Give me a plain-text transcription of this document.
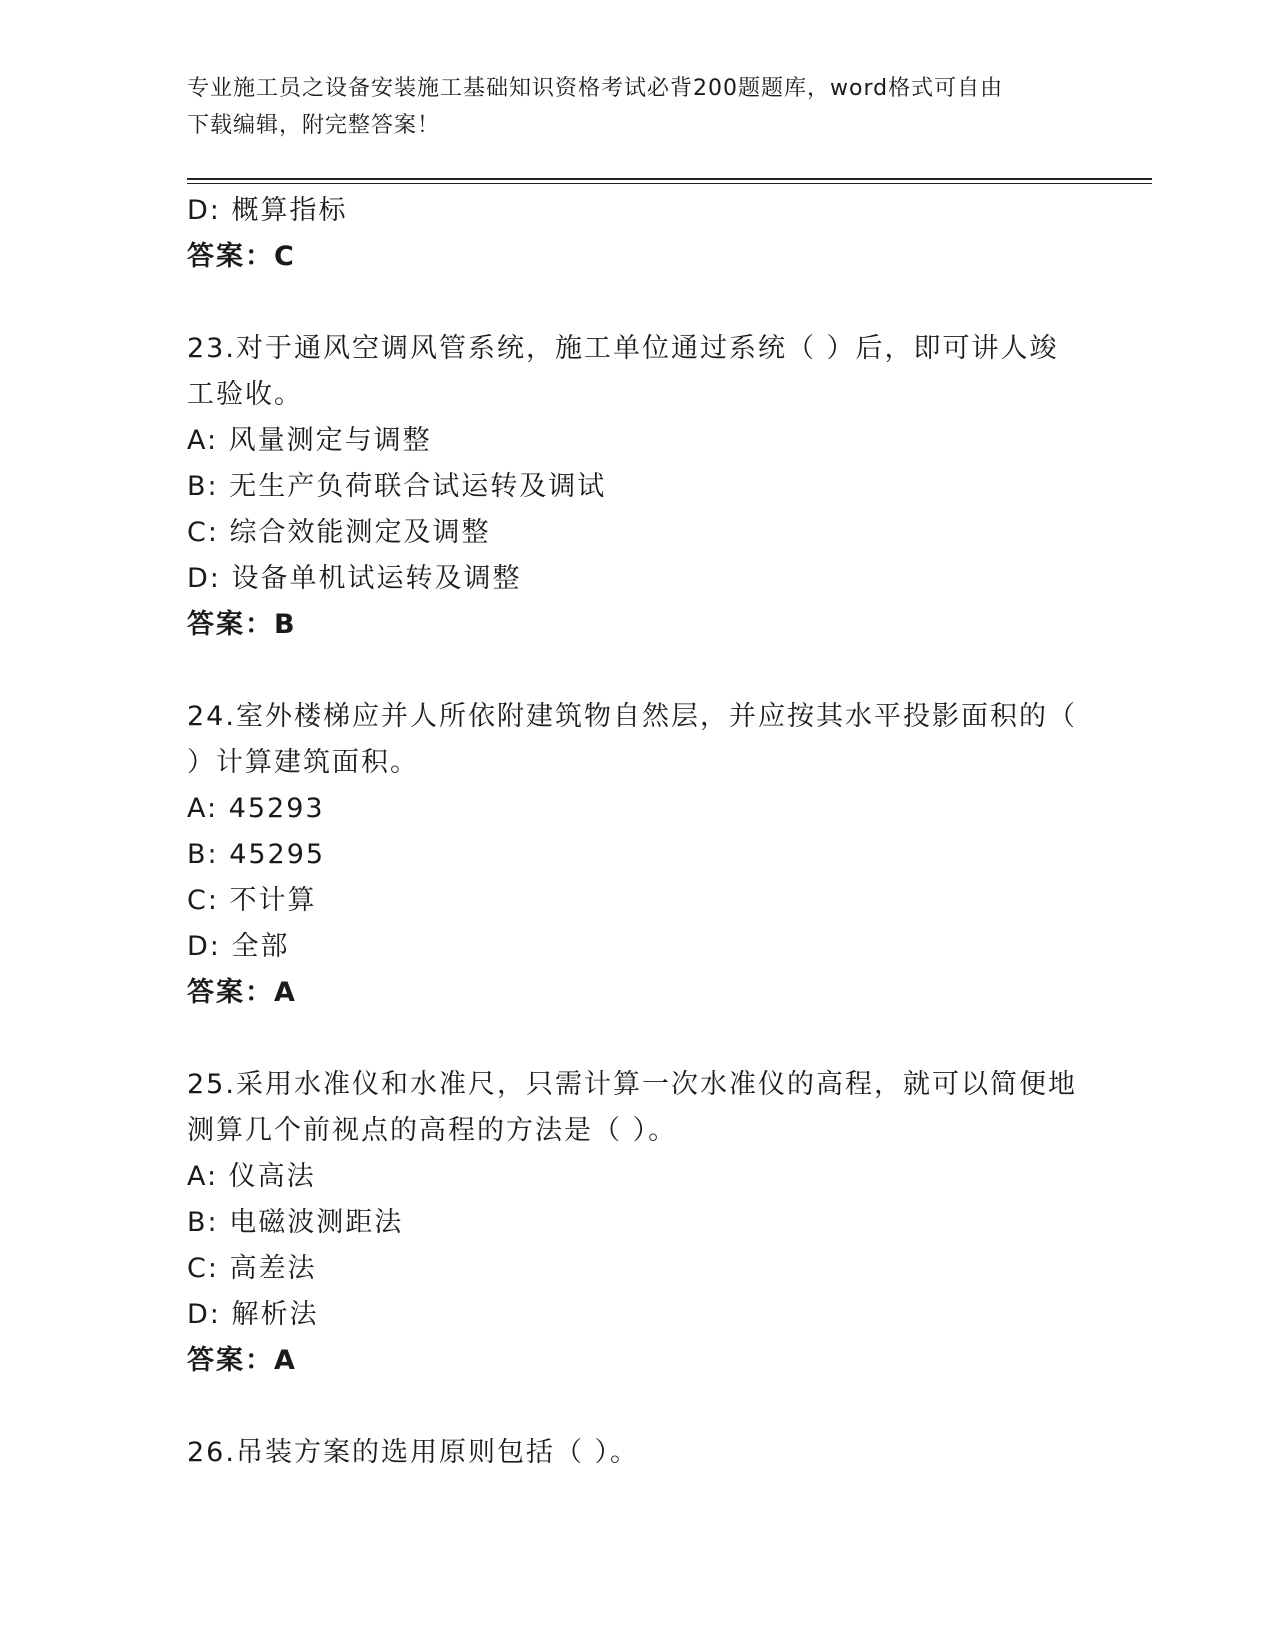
专业施工员之设备安装施工基础知识资格考试必背200题题库，word格式可自由
下载编辑，附完整答案！
D: 概算指标
答案：C
23.对于通风空调风管系统，施工单位通过系统（ ）后，即可讲人竣
工验收。
A: 风量测定与调整
B: 无生产负荷联合试运转及调试
C: 综合效能测定及调整
D: 设备单机试运转及调整
答案：B
24.室外楼梯应并人所依附建筑物自然层，并应按其水平投影面积的（
）计算建筑面积。
A: 45293
B: 45295
C: 不计算
D: 全部
答案：A
25.采用水准仪和水准尺，只需计算一次水准仪的高程，就可以简便地
测算几个前视点的高程的方法是（ ）。
A: 仪高法
B: 电磁波测距法
C: 高差法
D: 解析法
答案：A
26.吊装方案的选用原则包括（ ）。
